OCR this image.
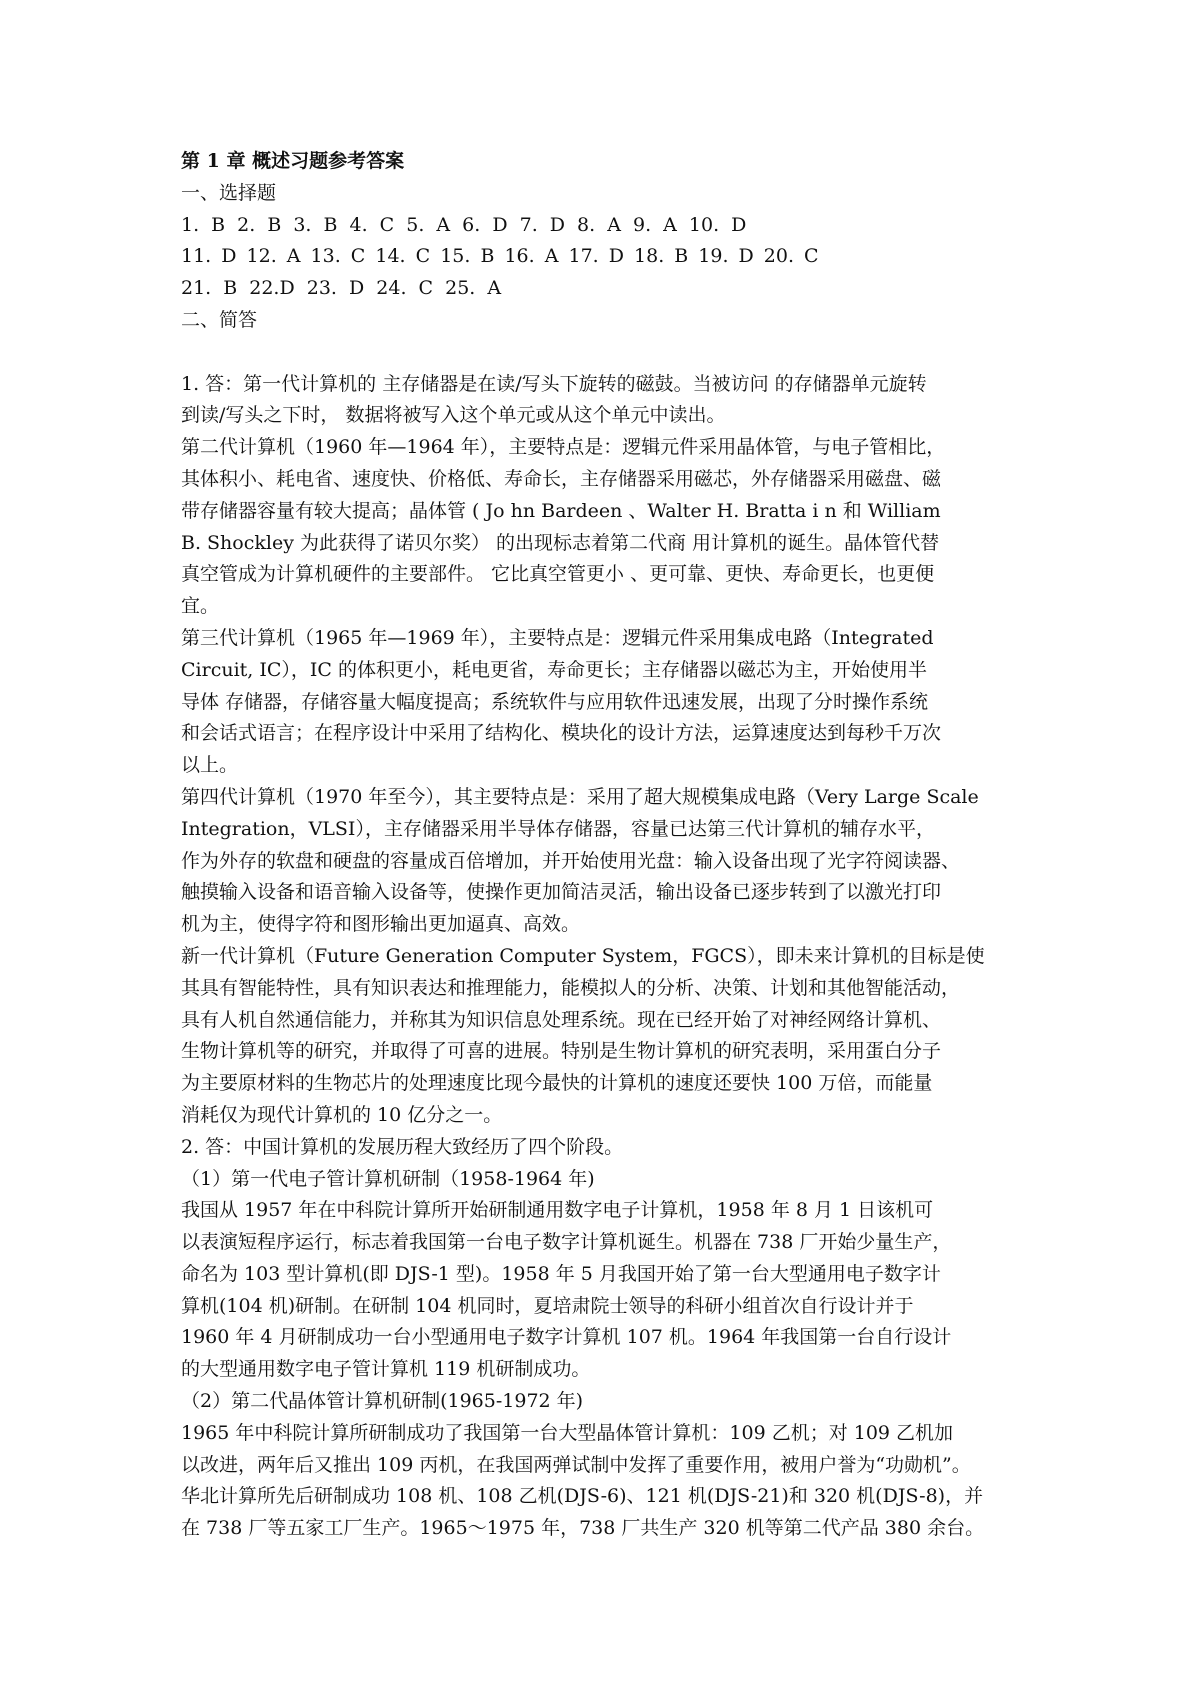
第 1 章 概述习题参考答案
一、选择题
1. B 2. B 3. B 4. C 5. A 6. D 7. D 8. A 9. A 10. D
11. D 12. A 13. C 14. C 15. B 16. A 17. D 18. B 19. D 20. C
21. B 22.D 23. D 24. C 25. A
二、简答
1. 答：第一代计算机的 主存储器是在读/写头下旋转的磁鼓。当被访问 的存储器单元旋转
到读/写头之下时， 数据将被写入这个单元或从这个单元中读出。
第二代计算机（1960 年—1964 年），主要特点是：逻辑元件采用晶体管，与电子管相比，
其体积小、耗电省、速度快、价格低、寿命长，主存储器采用磁芯，外存储器采用磁盘、磁
带存储器容量有较大提高；晶体管 ( Jo hn Bardeen 、Walter H. Bratta i n 和 William
B. Shockley 为此获得了诺贝尔奖） 的出现标志着第二代商 用计算机的诞生。晶体管代替
真空管成为计算机硬件的主要部件。 它比真空管更小 、更可靠、更快、寿命更长，也更便
宜。
第三代计算机（1965 年—1969 年），主要特点是：逻辑元件采用集成电路（Integrated
Circuit, IC），IC 的体积更小，耗电更省，寿命更长；主存储器以磁芯为主，开始使用半
导体 存储器，存储容量大幅度提高；系统软件与应用软件迅速发展，出现了分时操作系统
和会话式语言；在程序设计中采用了结构化、模块化的设计方法，运算速度达到每秒千万次
以上。
第四代计算机（1970 年至今），其主要特点是：采用了超大规模集成电路（Very Large Scale
Integration，VLSI），主存储器采用半导体存储器，容量已达第三代计算机的辅存水平，
作为外存的软盘和硬盘的容量成百倍增加，并开始使用光盘：输入设备出现了光字符阅读器、
触摸输入设备和语音输入设备等，使操作更加简洁灵活，输出设备已逐步转到了以激光打印
机为主，使得字符和图形输出更加逼真、高效。
新一代计算机（Future Generation Computer System，FGCS），即未来计算机的目标是使
其具有智能特性，具有知识表达和推理能力，能模拟人的分析、决策、计划和其他智能活动，
具有人机自然通信能力，并称其为知识信息处理系统。现在已经开始了对神经网络计算机、
生物计算机等的研究，并取得了可喜的进展。特别是生物计算机的研究表明，采用蛋白分子
为主要原材料的生物芯片的处理速度比现今最快的计算机的速度还要快 100 万倍，而能量
消耗仅为现代计算机的 10 亿分之一。
2. 答：中国计算机的发展历程大致经历了四个阶段。
（1）第一代电子管计算机研制（1958-1964 年)
我国从 1957 年在中科院计算所开始研制通用数字电子计算机，1958 年 8 月 1 日该机可
以表演短程序运行，标志着我国第一台电子数字计算机诞生。机器在 738 厂开始少量生产，
命名为 103 型计算机(即 DJS-1 型)。1958 年 5 月我国开始了第一台大型通用电子数字计
算机(104 机)研制。在研制 104 机同时，夏培肃院士领导的科研小组首次自行设计并于
1960 年 4 月研制成功一台小型通用电子数字计算机 107 机。1964 年我国第一台自行设计
的大型通用数字电子管计算机 119 机研制成功。
（2）第二代晶体管计算机研制(1965-1972 年)
1965 年中科院计算所研制成功了我国第一台大型晶体管计算机：109 乙机；对 109 乙机加
以改进，两年后又推出 109 丙机，在我国两弹试制中发挥了重要作用，被用户誉为“功勋机”。
华北计算所先后研制成功 108 机、108 乙机(DJS-6)、121 机(DJS-21)和 320 机(DJS-8)，并
在 738 厂等五家工厂生产。1965～1975 年，738 厂共生产 320 机等第二代产品 380 余台。
